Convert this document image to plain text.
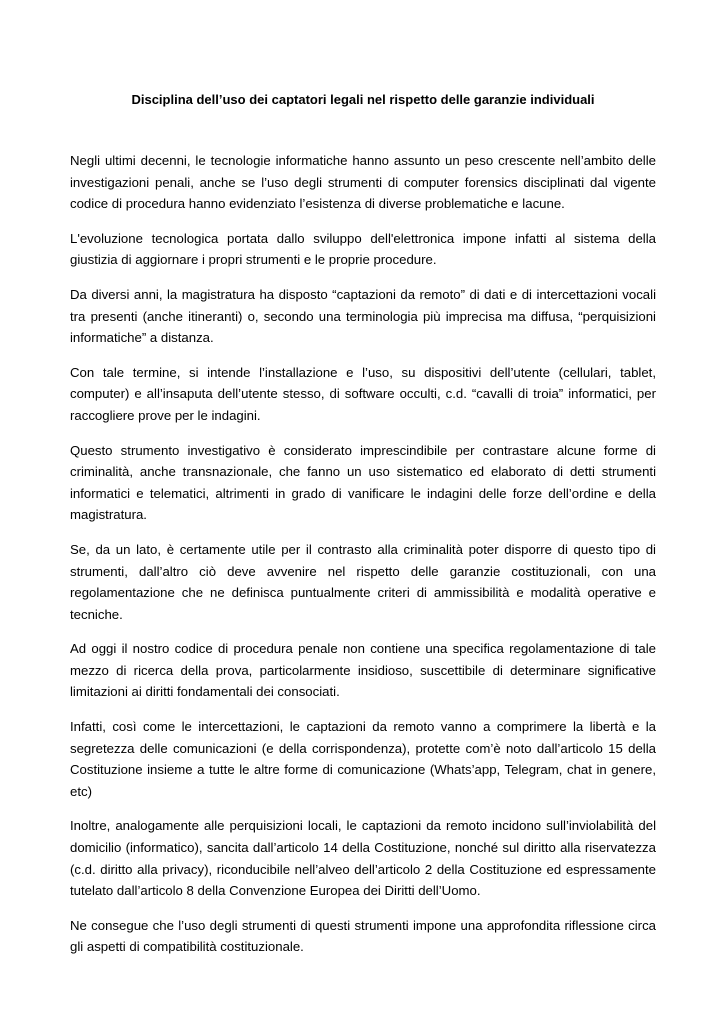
Disciplina dell’uso dei captatori legali nel rispetto delle garanzie individuali

Negli ultimi decenni, le tecnologie informatiche hanno assunto un peso crescente nell’ambito delle investigazioni penali, anche se l’uso degli strumenti di computer forensics disciplinati dal vigente codice di procedura hanno evidenziato l’esistenza di diverse problematiche e lacune.

L'evoluzione tecnologica portata dallo sviluppo dell'elettronica impone infatti al sistema della giustizia di aggiornare i propri strumenti e le proprie procedure.

Da diversi anni, la magistratura ha disposto “captazioni da remoto” di dati e di intercettazioni vocali tra presenti (anche itineranti) o, secondo una terminologia più imprecisa ma diffusa, “perquisizioni informatiche” a distanza.

Con tale termine, si intende l’installazione e l’uso, su dispositivi dell’utente (cellulari, tablet, computer) e all’insaputa dell’utente stesso, di software occulti, c.d. “cavalli di troia” informatici, per raccogliere prove per le indagini.

Questo strumento investigativo è considerato imprescindibile per contrastare alcune forme di criminalità, anche transnazionale, che fanno un uso sistematico ed elaborato di detti strumenti informatici e telematici, altrimenti in grado di vanificare le indagini delle forze dell’ordine e della magistratura.

Se, da un lato, è certamente utile per il contrasto alla criminalità poter disporre di questo tipo di strumenti, dall’altro ciò deve avvenire nel rispetto delle garanzie costituzionali, con una regolamentazione che ne definisca puntualmente criteri di ammissibilità e modalità operative e tecniche.

Ad oggi il nostro codice di procedura penale non contiene una specifica regolamentazione di tale mezzo di ricerca della prova, particolarmente insidioso, suscettibile di determinare significative limitazioni ai diritti fondamentali dei consociati.

Infatti, così come le intercettazioni, le captazioni da remoto vanno a comprimere la libertà e la segretezza delle comunicazioni (e della corrispondenza), protette com’è noto dall’articolo 15 della Costituzione insieme a tutte le altre forme di comunicazione (Whats’app, Telegram, chat in genere, etc)

Inoltre, analogamente alle perquisizioni locali, le captazioni da remoto incidono sull’inviolabilità del domicilio (informatico), sancita dall’articolo 14 della Costituzione, nonché sul diritto alla riservatezza (c.d. diritto alla privacy), riconducibile nell’alveo dell’articolo 2 della Costituzione ed espressamente tutelato dall’articolo 8 della Convenzione Europea dei Diritti dell’Uomo.

Ne consegue che l’uso degli strumenti di questi strumenti impone una approfondita riflessione circa gli aspetti di compatibilità costituzionale.
